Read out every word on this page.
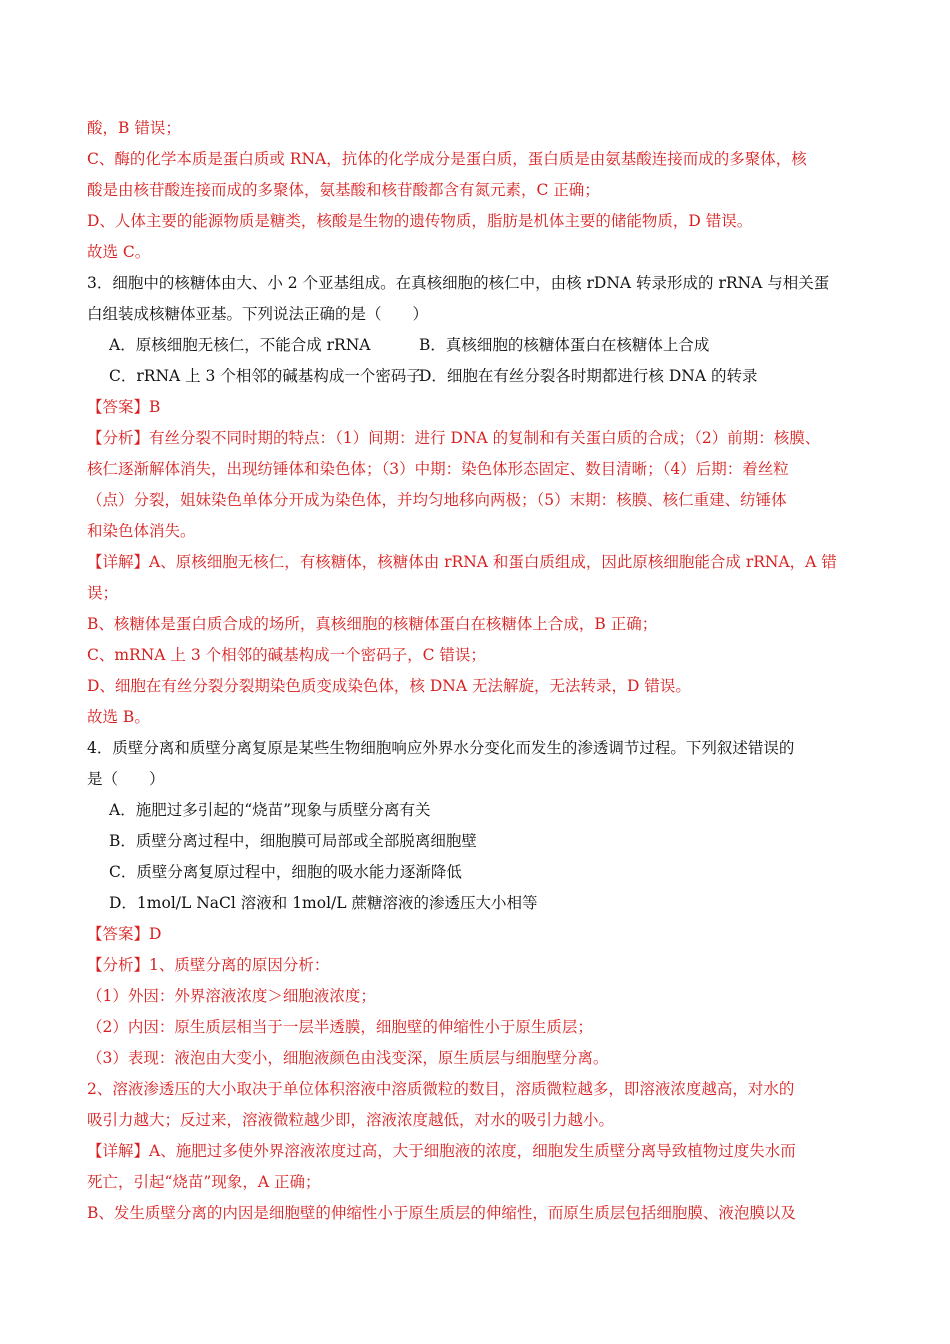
酸，B 错误；
C、酶的化学本质是蛋白质或 RNA，抗体的化学成分是蛋白质，蛋白质是由氨基酸连接而成的多聚体，核
酸是由核苷酸连接而成的多聚体，氨基酸和核苷酸都含有氮元素，C 正确；
D、人体主要的能源物质是糖类，核酸是生物的遗传物质，脂肪是机体主要的储能物质，D 错误。
故选 C。
3．细胞中的核糖体由大、小 2 个亚基组成。在真核细胞的核仁中，由核 rDNA 转录形成的 rRNA 与相关蛋
白组装成核糖体亚基。下列说法正确的是（　　）
A．原核细胞无核仁，不能合成 rRNA	B．真核细胞的核糖体蛋白在核糖体上合成
C．rRNA 上 3 个相邻的碱基构成一个密码子
D．细胞在有丝分裂各时期都进行核 DNA 的转录
【答案】B
【分析】有丝分裂不同时期的特点：（1）间期：进行 DNA 的复制和有关蛋白质的合成；（2）前期：核膜、
核仁逐渐解体消失，出现纺锤体和染色体；（3）中期：染色体形态固定、数目清晰；（4）后期：着丝粒
（点）分裂，姐妹染色单体分开成为染色体，并均匀地移向两极；（5）末期：核膜、核仁重建、纺锤体
和染色体消失。
【详解】A、原核细胞无核仁，有核糖体，核糖体由 rRNA 和蛋白质组成，因此原核细胞能合成 rRNA，A 错
误；
B、核糖体是蛋白质合成的场所，真核细胞的核糖体蛋白在核糖体上合成，B 正确；
C、mRNA 上 3 个相邻的碱基构成一个密码子，C 错误；
D、细胞在有丝分裂分裂期染色质变成染色体，核 DNA 无法解旋，无法转录，D 错误。
故选 B。
4．质壁分离和质壁分离复原是某些生物细胞响应外界水分变化而发生的渗透调节过程。下列叙述错误的
是（　　）
A．施肥过多引起的“烧苗”现象与质壁分离有关
B．质壁分离过程中，细胞膜可局部或全部脱离细胞壁
C．质壁分离复原过程中，细胞的吸水能力逐渐降低
D．1mol/L NaCl 溶液和 1mol/L 蔗糖溶液的渗透压大小相等
【答案】D
【分析】1、质壁分离的原因分析：
（1）外因：外界溶液浓度＞细胞液浓度；
（2）内因：原生质层相当于一层半透膜，细胞壁的伸缩性小于原生质层；
（3）表现：液泡由大变小，细胞液颜色由浅变深，原生质层与细胞壁分离。
2、溶液渗透压的大小取决于单位体积溶液中溶质微粒的数目，溶质微粒越多，即溶液浓度越高，对水的
吸引力越大；反过来，溶液微粒越少即，溶液浓度越低，对水的吸引力越小。
【详解】A、施肥过多使外界溶液浓度过高，大于细胞液的浓度，细胞发生质壁分离导致植物过度失水而
死亡，引起“烧苗”现象，A 正确；
B、发生质壁分离的内因是细胞壁的伸缩性小于原生质层的伸缩性，而原生质层包括细胞膜、液泡膜以及
